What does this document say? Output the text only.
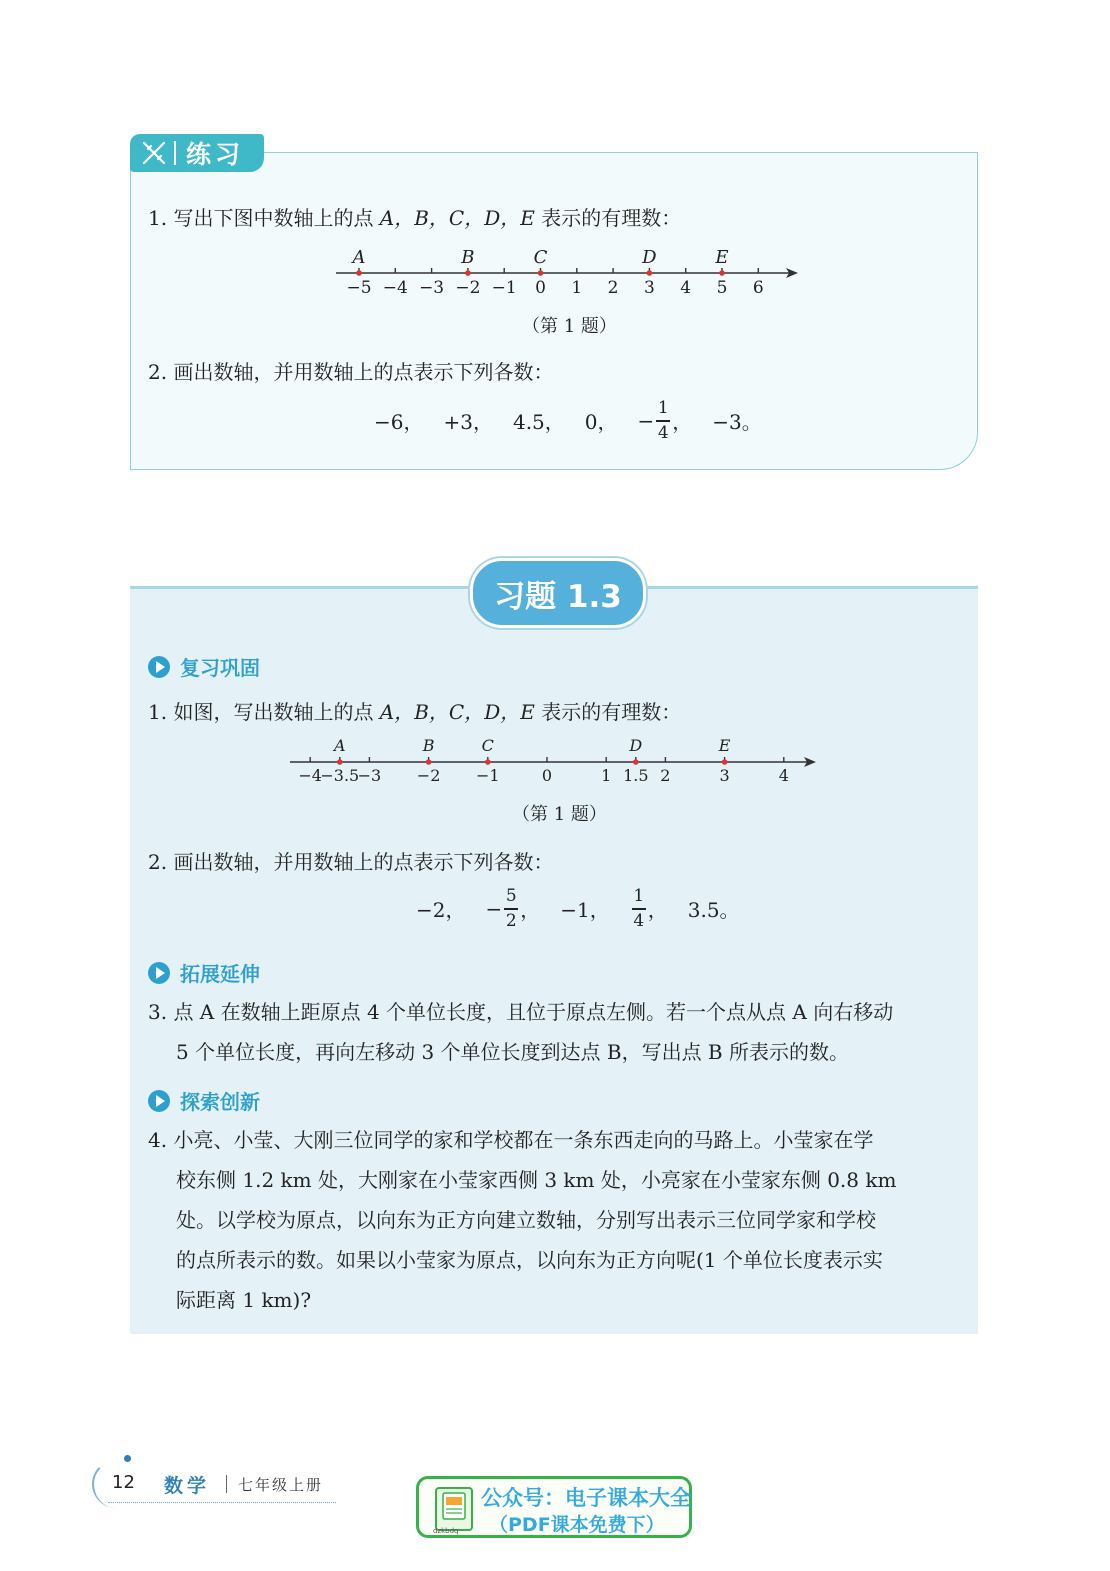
练习
1. 写出下图中数轴上的点 A，B，C，D，E 表示的有理数：
A	B	C	D	E
−5 −4 −3 −2 −1 0 1 2 3 4 5 6
（第 1 题）
2. 画出数轴，并用数轴上的点表示下列各数：
−6， +3， 4.5， 0， − $\frac{1}{4}$ ， −3。
习题 1.3
复习巩固
1. 如图，写出数轴上的点 A，B，C，D，E 表示的有理数：
A	B	C	D	E
−4
−3.5
−3 −2 −1	0	1 1.5 2	3	4
（第 1 题）
2. 画出数轴，并用数轴上的点表示下列各数：
−2， − $\frac{5}{2}$ ， −1， $\frac{1}{4}$ ， 3.5。
拓展延伸
3. 点 A 在数轴上距原点 4 个单位长度，且位于原点左侧。若一个点从点 A 向右移动
5 个单位长度，再向左移动 3 个单位长度到达点 B，写出点 B 所表示的数。
探索创新
4. 小亮、小莹、大刚三位同学的家和学校都在一条东西走向的马路上。小莹家在学
校东侧 1.2 km 处，大刚家在小莹家西侧 3 km 处，小亮家在小莹家东侧 0.8 km
处。以学校为原点，以向东为正方向建立数轴，分别写出表示三位同学家和学校
的点所表示的数。如果以小莹家为原点，以向东为正方向呢(1 个单位长度表示实
际距离 1 km)?
12 数学 七年级上册
dzkbdq
公众号：电子课本大全
（PDF课本免费下）
